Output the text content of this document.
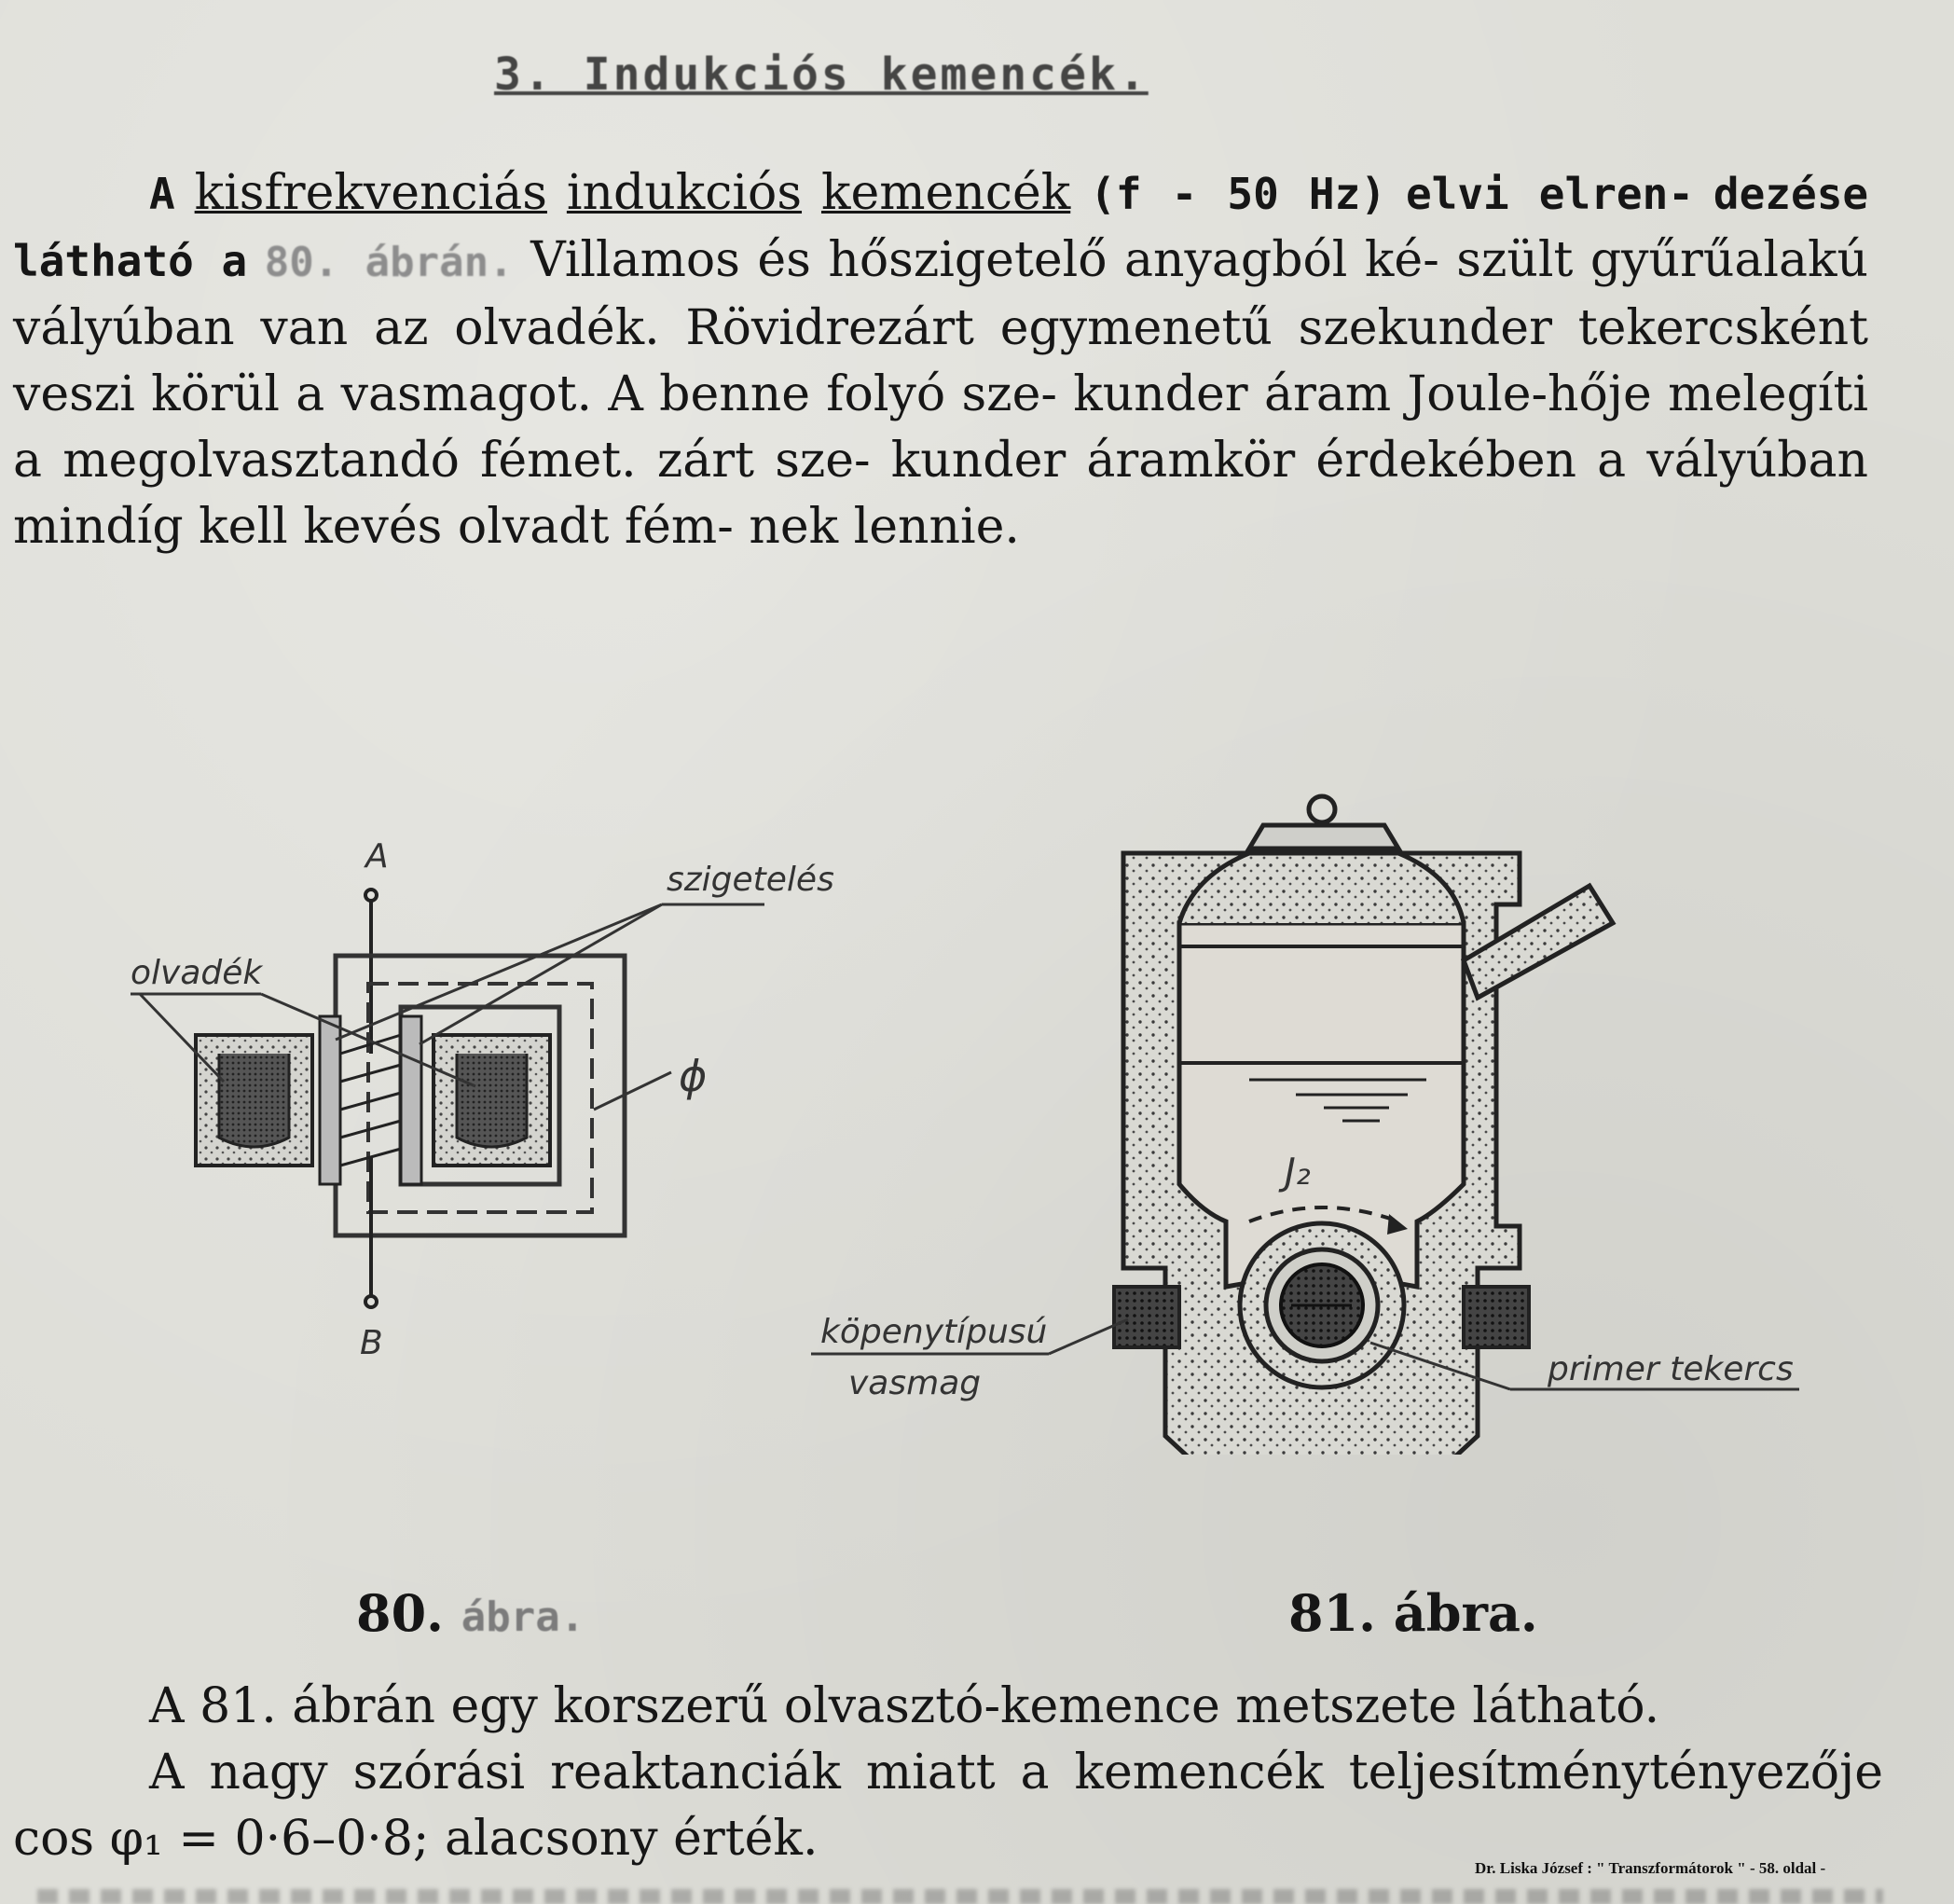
3. Indukciós kemencék.

A kisfrekvenciás indukciós kemencék (f - 50 Hz) elvi elren- dezése látható a 80. ábrán. Villamos és hőszigetelő anyagból ké- szült gyűrűalakú vályúban van az olvadék. Rövidrezárt egymenetű szekunder tekercsként veszi körül a vasmagot. A benne folyó sze- kunder áram Joule-hője melegíti a megolvasztandó fémet. zárt sze- kunder áramkör érdekében a vályúban mindíg kell kevés olvadt fém- nek lennie.

A
B
olvadék
szigetelés
ϕ
J₂
köpenytípusú
vasmag	primer tekercs
80. ábra.	81. ábra.

A 81. ábrán egy korszerű olvasztó-kemence metszete látható.

A nagy szórási reaktanciák miatt a kemencék teljesítménytényezője cos φ₁ = 0·6–0·8; alacsony érték.

Dr. Liska József : " Transzformátorok " - 58. oldal -
